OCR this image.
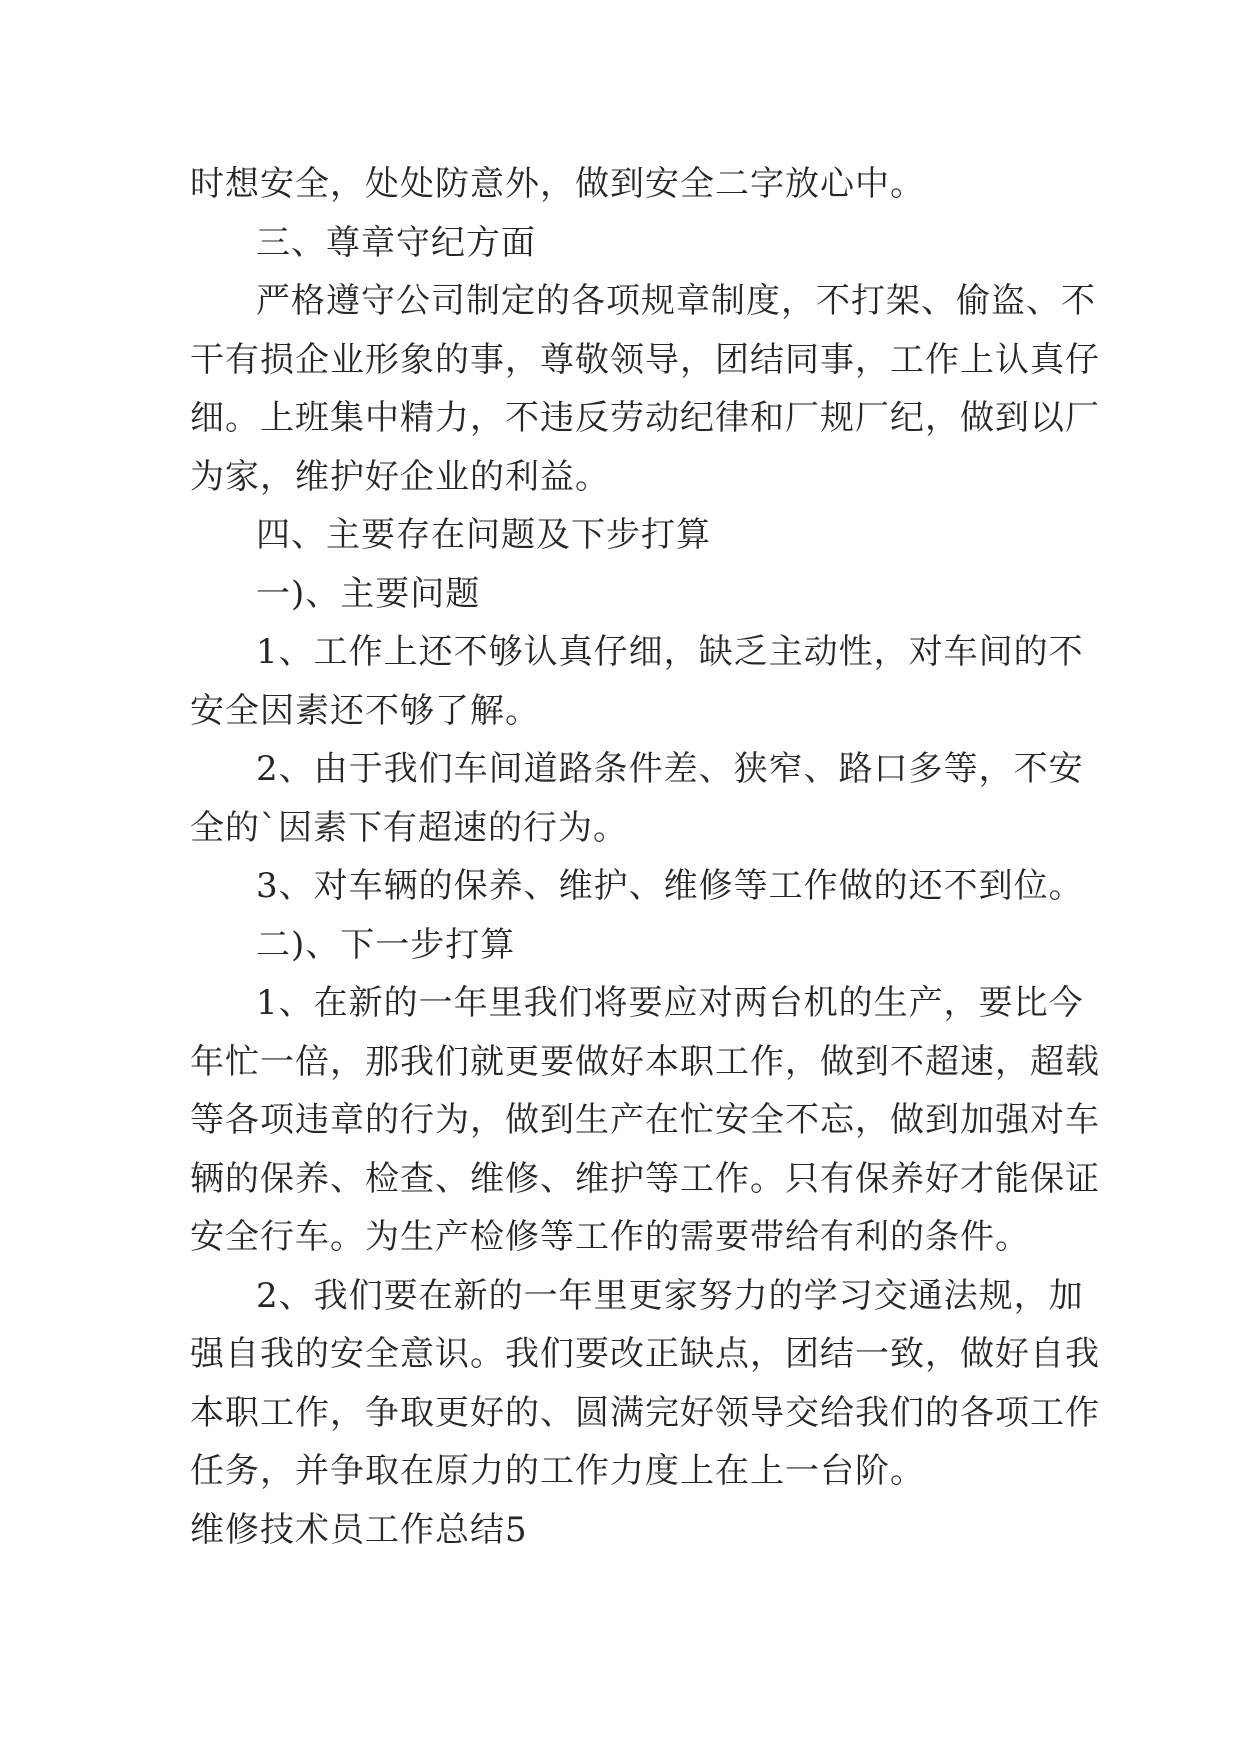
时想安全，处处防意外，做到安全二字放心中。
三、尊章守纪方面
严格遵守公司制定的各项规章制度，不打架、偷盗、不
干有损企业形象的事，尊敬领导，团结同事，工作上认真仔
细。上班集中精力，不违反劳动纪律和厂规厂纪，做到以厂
为家，维护好企业的利益。
四、主要存在问题及下步打算
一)、主要问题
1、工作上还不够认真仔细，缺乏主动性，对车间的不
安全因素还不够了解。
2、由于我们车间道路条件差、狭窄、路口多等，不安
全的`因素下有超速的行为。
3、对车辆的保养、维护、维修等工作做的还不到位。
二)、下一步打算
1、在新的一年里我们将要应对两台机的生产，要比今
年忙一倍，那我们就更要做好本职工作，做到不超速，超载
等各项违章的行为，做到生产在忙安全不忘，做到加强对车
辆的保养、检查、维修、维护等工作。只有保养好才能保证
安全行车。为生产检修等工作的需要带给有利的条件。
2、我们要在新的一年里更家努力的学习交通法规，加
强自我的安全意识。我们要改正缺点，团结一致，做好自我
本职工作，争取更好的、圆满完好领导交给我们的各项工作
任务，并争取在原力的工作力度上在上一台阶。
维修技术员工作总结5
